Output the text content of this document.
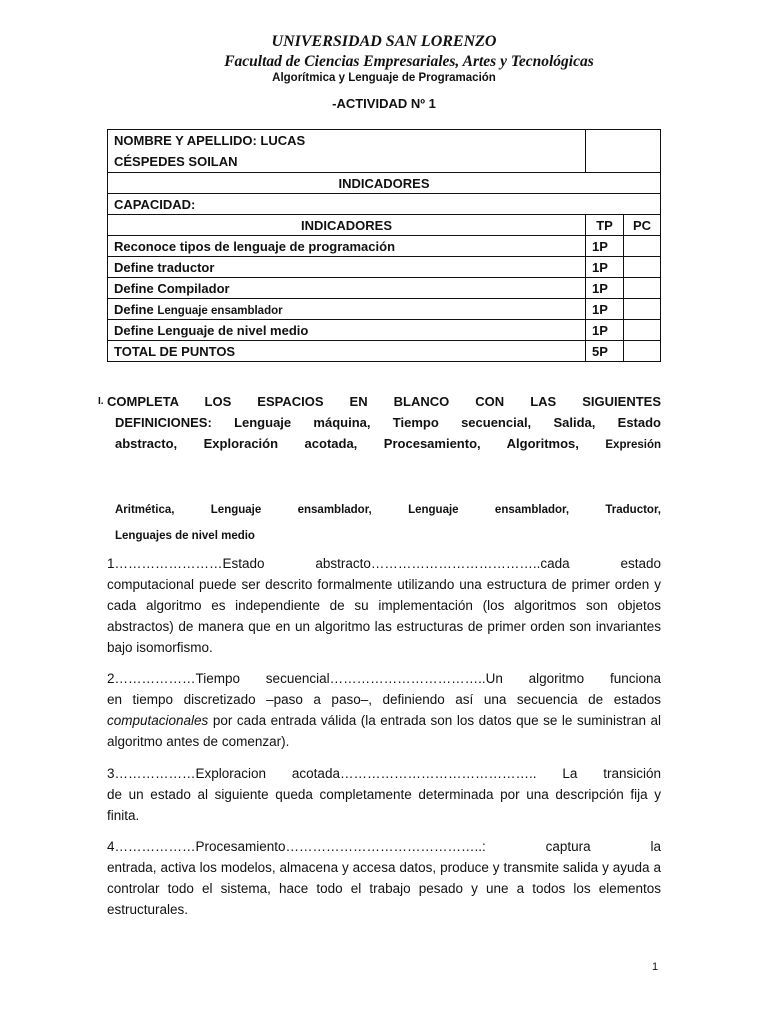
UNIVERSIDAD SAN LORENZO
Facultad de Ciencias Empresariales, Artes y Tecnológicas
Algorítmica y Lenguaje de Programación
-ACTIVIDAD Nº 1
NOMBRE Y APELLIDO: LUCAS
CÉSPEDES SOILAN		

INDICADORES		
CAPACIDAD:		
INDICADORES	TP	PC
Reconoce tipos de lenguaje de programación	1P	
Define traductor	1P	
Define Compilador	1P	
Define Lenguaje ensamblador	1P	
Define Lenguaje de nivel medio	1P	
TOTAL DE PUNTOS	5P	
I. COMPLETA LOS ESPACIOS EN BLANCO CON LAS SIGUIENTES
DEFINICIONES: Lenguaje máquina, Tiempo secuencial, Salida, Estado
abstracto, Exploración acotada, Procesamiento, Algoritmos, Expresión
Aritmética, Lenguaje ensamblador, Lenguaje ensamblador, Traductor,
Lenguajes de nivel medio
1……………………Estado abstracto………………………………..cada estado
computacional puede ser descrito formalmente utilizando una estructura de primer orden y cada algoritmo es independiente de su implementación (los algoritmos son objetos abstractos) de manera que en un algoritmo las estructuras de primer orden son invariantes bajo isomorfismo.
2………………Tiempo secuencial……………………………..Un algoritmo funciona
en tiempo discretizado –paso a paso–, definiendo así una secuencia de estados computacionales por cada entrada válida (la entrada son los datos que se le suministran al algoritmo antes de comenzar).
3………………Exploracion acotada…………………………………….. La transición
de un estado al siguiente queda completamente determinada por una descripción fija y finita.
4………………Procesamiento……………………………………..: captura la
entrada, activa los modelos, almacena y accesa datos, produce y transmite salida y ayuda a controlar todo el sistema, hace todo el trabajo pesado y une a todos los elementos estructurales.
1
